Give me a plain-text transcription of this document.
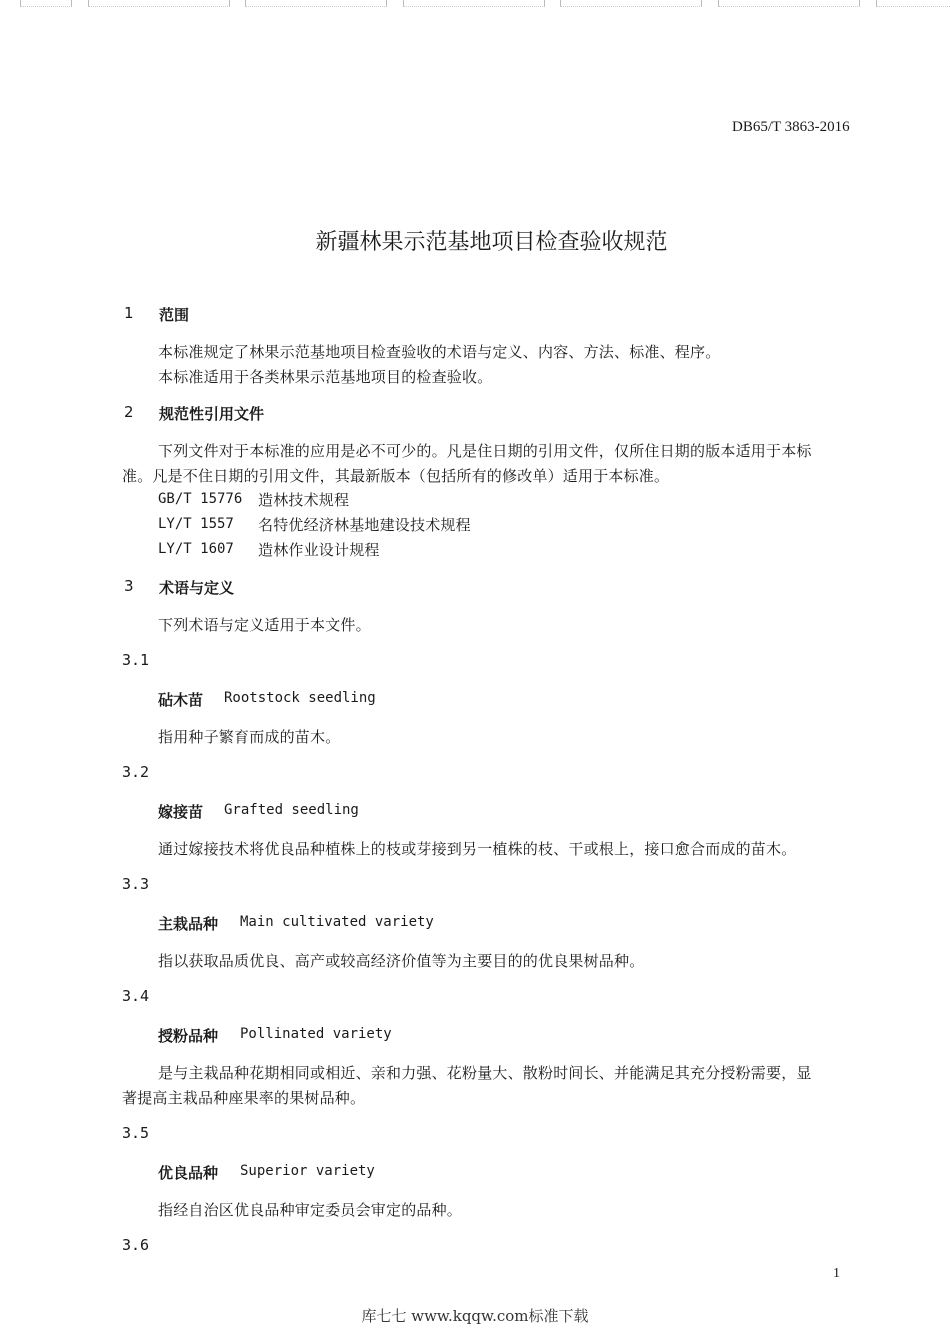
DB65/T 3863-2016
新疆林果示范基地项目检查验收规范
1 范围
本标准规定了林果示范基地项目检查验收的术语与定义、内容、方法、标准、程序。
本标准适用于各类林果示范基地项目的检查验收。
2 规范性引用文件
下列文件对于本标准的应用是必不可少的。凡是住日期的引用文件，仅所住日期的版本适用于本标
准。凡是不住日期的引用文件，其最新版本（包括所有的修改单）适用于本标准。
GB/T 15776 造林技术规程
LY/T 1557 名特优经济林基地建设技术规程
LY/T 1607 造林作业设计规程
3 术语与定义
下列术语与定义适用于本文件。
3.1
砧木苗 Rootstock seedling
指用种子繁育而成的苗木。
3.2
嫁接苗 Grafted seedling
通过嫁接技术将优良品种植株上的枝或芽接到另一植株的枝、干或根上，接口愈合而成的苗木。
3.3
主栽品种 Main cultivated variety
指以获取品质优良、高产或较高经济价值等为主要目的的优良果树品种。
3.4
授粉品种 Pollinated variety
是与主栽品种花期相同或相近、亲和力强、花粉量大、散粉时间长、并能满足其充分授粉需要，显
著提高主栽品种座果率的果树品种。
3.5
优良品种 Superior variety
指经自治区优良品种审定委员会审定的品种。
3.6
1
库七七 www.kqqw.com标准下载
